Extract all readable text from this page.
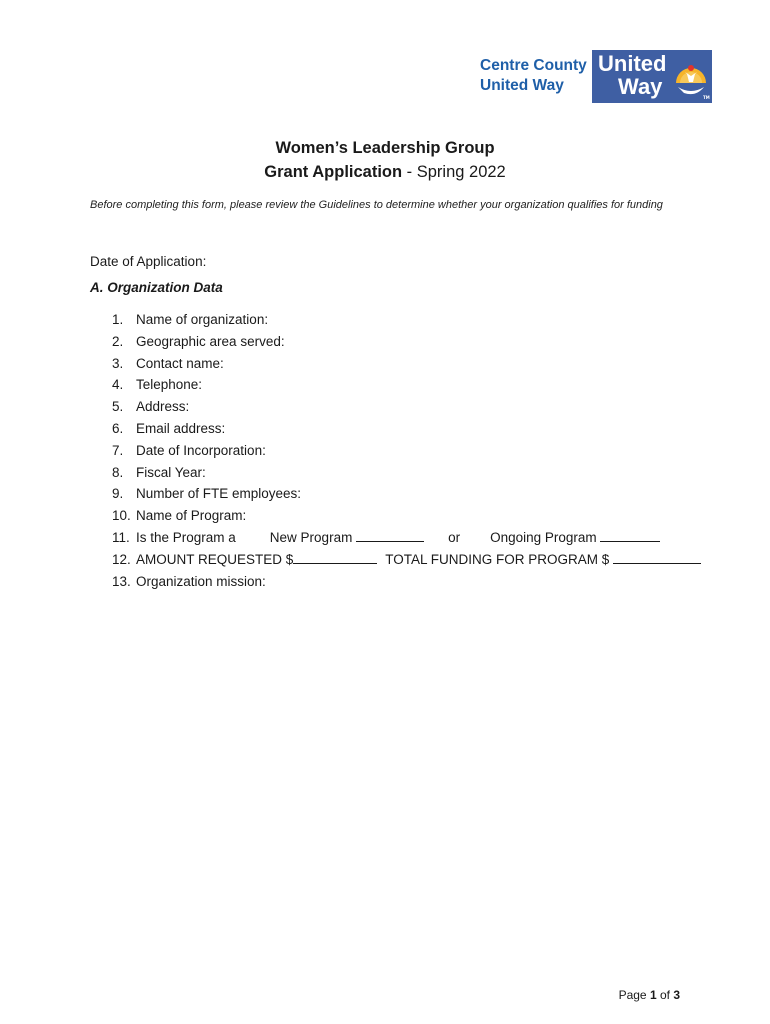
Centre County
United Way
United
Way	TM
Women’s Leadership Group
Grant Application - Spring 2022
Before completing this form, please review the Guidelines to determine whether your organization qualifies for funding
Date of Application:
A. Organization Data
1. Name of organization:
2. Geographic area served:
3. Contact name:
4. Telephone:
5. Address:
6. Email address:
7. Date of Incorporation:
8. Fiscal Year:
9. Number of FTE employees:
10. Name of Program:
11. Is the Program a	New Program	or Ongoing Program
12. AMOUNT REQUESTED $	TOTAL FUNDING FOR PROGRAM $
13. Organization mission:
Page 1 of 3
